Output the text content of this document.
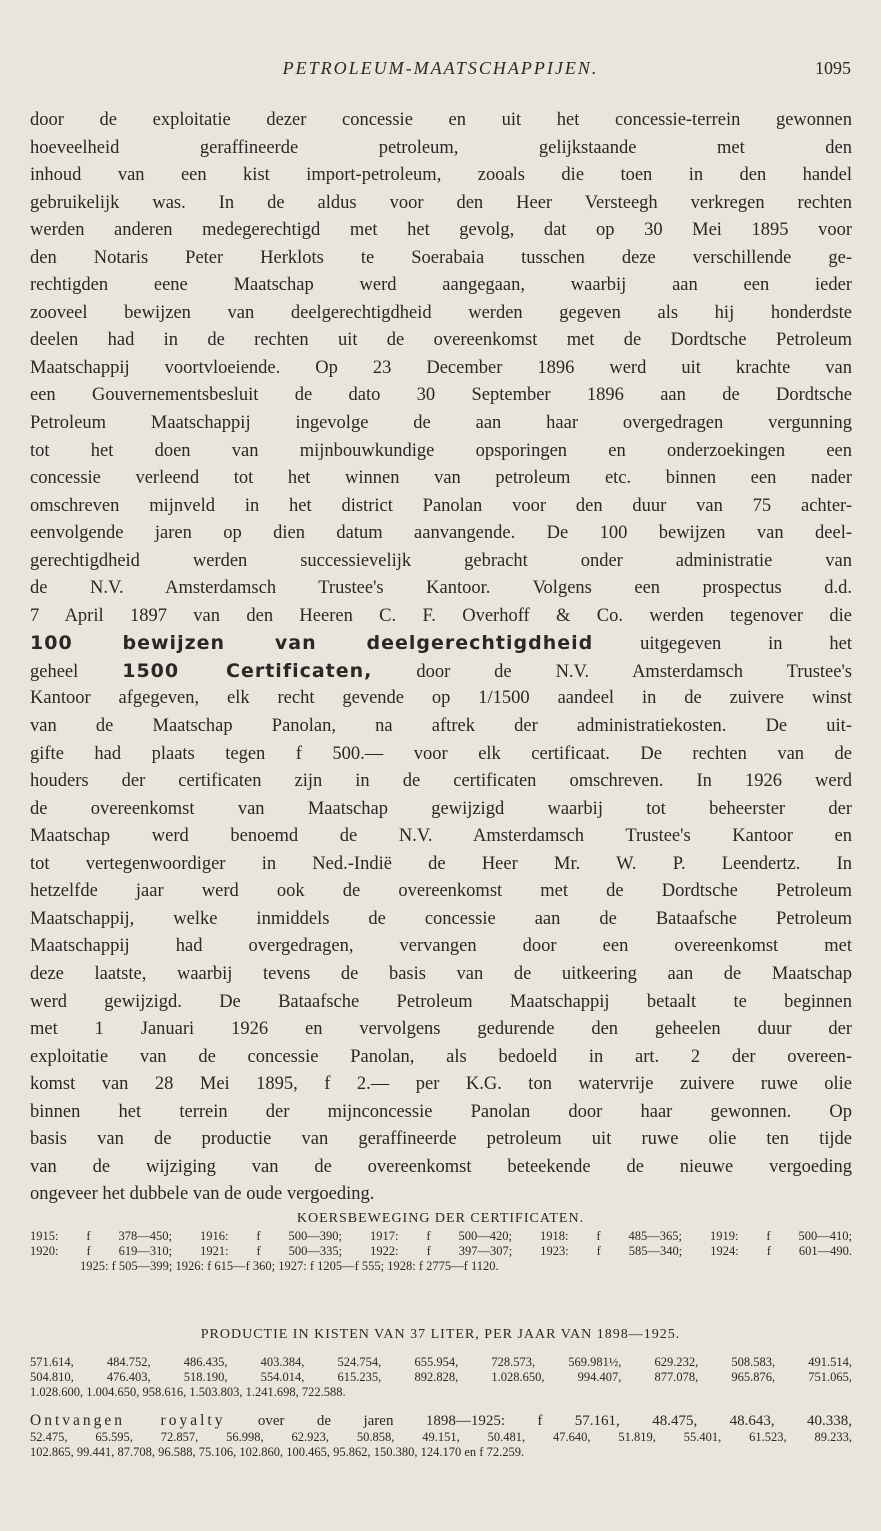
PETROLEUM-MAATSCHAPPIJEN.	1095
door de exploitatie dezer concessie en uit het concessie-terrein gewonnen
hoeveelheid geraffineerde petroleum, gelijkstaande met den
inhoud van een kist import-petroleum, zooals die toen in den handel
gebruikelijk was. In de aldus voor den Heer Versteegh verkregen rechten
werden anderen medegerechtigd met het gevolg, dat op 30 Mei 1895 voor
den Notaris Peter Herklots te Soerabaia tusschen deze verschillende ge-
rechtigden eene Maatschap werd aangegaan, waarbij aan een ieder
zooveel bewijzen van deelgerechtigdheid werden gegeven als hij honderdste
deelen had in de rechten uit de overeenkomst met de Dordtsche Petroleum
Maatschappij voortvloeiende. Op 23 December 1896 werd uit krachte van
een Gouvernementsbesluit de dato 30 September 1896 aan de Dordtsche
Petroleum Maatschappij ingevolge de aan haar overgedragen vergunning
tot het doen van mijnbouwkundige opsporingen en onderzoekingen een
concessie verleend tot het winnen van petroleum etc. binnen een nader
omschreven mijnveld in het district Panolan voor den duur van 75 achter-
eenvolgende jaren op dien datum aanvangende. De 100 bewijzen van deel-
gerechtigdheid werden successievelijk gebracht onder administratie van
de N.V. Amsterdamsch Trustee's Kantoor. Volgens een prospectus d.d.
7 April 1897 van den Heeren C. F. Overhoff & Co. werden tegenover die
100 bewijzen van deelgerechtigdheid uitgegeven in het
geheel 1500 Certificaten, door de N.V. Amsterdamsch Trustee's
Kantoor afgegeven, elk recht gevende op 1/1500 aandeel in de zuivere winst
van de Maatschap Panolan, na aftrek der administratiekosten. De uit-
gifte had plaats tegen f 500.— voor elk certificaat. De rechten van de
houders der certificaten zijn in de certificaten omschreven. In 1926 werd
de overeenkomst van Maatschap gewijzigd waarbij tot beheerster der
Maatschap werd benoemd de N.V. Amsterdamsch Trustee's Kantoor en
tot vertegenwoordiger in Ned.-Indië de Heer Mr. W. P. Leendertz. In
hetzelfde jaar werd ook de overeenkomst met de Dordtsche Petroleum
Maatschappij, welke inmiddels de concessie aan de Bataafsche Petroleum
Maatschappij had overgedragen, vervangen door een overeenkomst met
deze laatste, waarbij tevens de basis van de uitkeering aan de Maatschap
werd gewijzigd. De Bataafsche Petroleum Maatschappij betaalt te beginnen
met 1 Januari 1926 en vervolgens gedurende den geheelen duur der
exploitatie van de concessie Panolan, als bedoeld in art. 2 der overeen-
komst van 28 Mei 1895, f 2.— per K.G. ton watervrije zuivere ruwe olie
binnen het terrein der mijnconcessie Panolan door haar gewonnen. Op
basis van de productie van geraffineerde petroleum uit ruwe olie ten tijde
van de wijziging van de overeenkomst beteekende de nieuwe vergoeding
ongeveer het dubbele van de oude vergoeding.
KOERSBEWEGING DER CERTIFICATEN.
1915: f 378—450; 1916: f 500—390; 1917: f 500—420; 1918: f 485—365; 1919: f 500—410;
1920: f 619—310; 1921: f 500—335; 1922: f 397—307; 1923: f 585—340; 1924: f 601—490.
1925: f 505—399; 1926: f 615—f 360; 1927: f 1205—f 555; 1928: f 2775—f 1120.
PRODUCTIE IN KISTEN VAN 37 LITER, PER JAAR VAN 1898—1925.
571.614, 484.752, 486.435, 403.384, 524.754, 655.954, 728.573, 569.981½, 629.232, 508.583, 491.514,
504.810, 476.403, 518.190, 554.014, 615.235, 892.828, 1.028.650, 994.407, 877.078, 965.876, 751.065,
1.028.600, 1.004.650, 958.616, 1.503.803, 1.241.698, 722.588.
Ontvangen royalty over de jaren 1898—1925: f 57.161, 48.475, 48.643, 40.338,
52.475, 65.595, 72.857, 56.998, 62.923, 50.858, 49.151, 50.481, 47.640, 51.819, 55.401, 61.523, 89.233,
102.865, 99.441, 87.708, 96.588, 75.106, 102.860, 100.465, 95.862, 150.380, 124.170 en f 72.259.
